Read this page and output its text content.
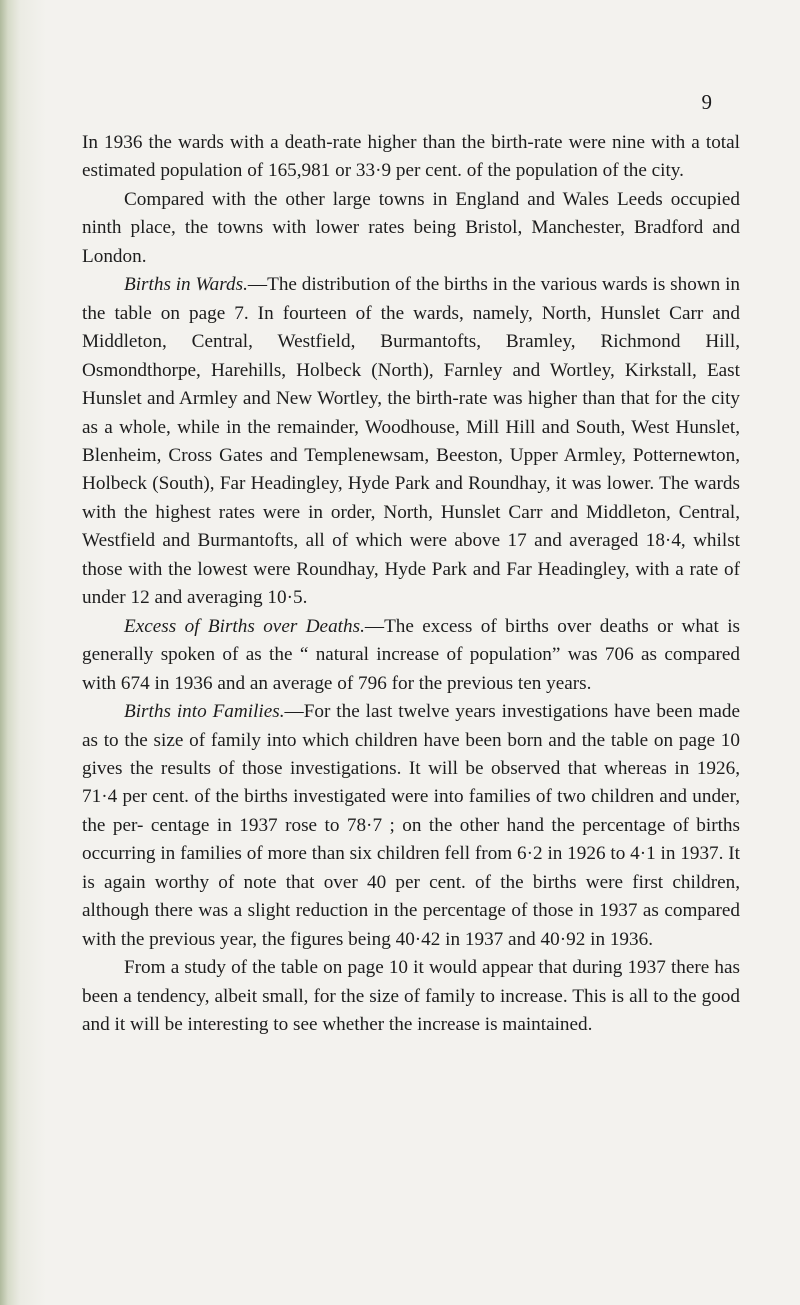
9

In 1936 the wards with a death-rate higher than the birth-rate were nine with a total estimated population of 165,981 or 33·9 per cent. of the population of the city.

Compared with the other large towns in England and Wales Leeds occupied ninth place, the towns with lower rates being Bristol, Manchester, Bradford and London.

Births in Wards.—The distribution of the births in the various wards is shown in the table on page 7. In fourteen of the wards, namely, North, Hunslet Carr and Middleton, Central, Westfield, Burmantofts, Bramley, Richmond Hill, Osmondthorpe, Harehills, Holbeck (North), Farnley and Wortley, Kirkstall, East Hunslet and Armley and New Wortley, the birth-rate was higher than that for the city as a whole, while in the remainder, Woodhouse, Mill Hill and South, West Hunslet, Blenheim, Cross Gates and Templenewsam, Beeston, Upper Armley, Potternewton, Holbeck (South), Far Headingley, Hyde Park and Roundhay, it was lower. The wards with the highest rates were in order, North, Hunslet Carr and Middleton, Central, Westfield and Burmantofts, all of which were above 17 and averaged 18·4, whilst those with the lowest were Roundhay, Hyde Park and Far Headingley, with a rate of under 12 and averaging 10·5.

Excess of Births over Deaths.—The excess of births over deaths or what is generally spoken of as the “ natural increase of population” was 706 as compared with 674 in 1936 and an average of 796 for the previous ten years.

Births into Families.—For the last twelve years investigations have been made as to the size of family into which children have been born and the table on page 10 gives the results of those investigations. It will be observed that whereas in 1926, 71·4 per cent. of the births investigated were into families of two children and under, the per- centage in 1937 rose to 78·7 ; on the other hand the percentage of births occurring in families of more than six children fell from 6·2 in 1926 to 4·1 in 1937. It is again worthy of note that over 40 per cent. of the births were first children, although there was a slight reduction in the percentage of those in 1937 as compared with the previous year, the figures being 40·42 in 1937 and 40·92 in 1936.

From a study of the table on page 10 it would appear that during 1937 there has been a tendency, albeit small, for the size of family to increase. This is all to the good and it will be interesting to see whether the increase is maintained.
